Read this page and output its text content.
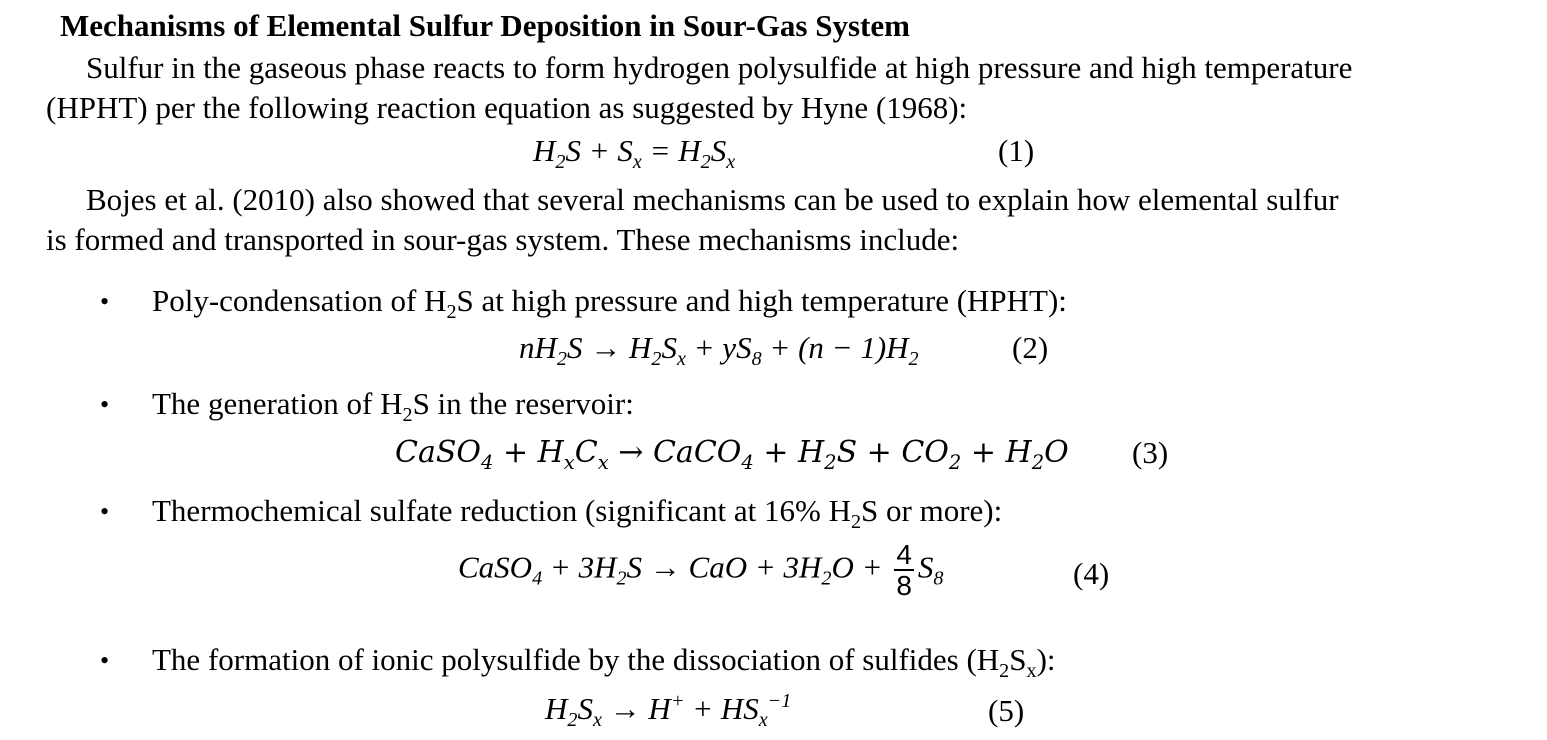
Mechanisms of Elemental Sulfur Deposition in Sour-Gas System
Sulfur in the gaseous phase reacts to form hydrogen polysulfide at high pressure and high temperature
(HPHT) per the following reaction equation as suggested by Hyne (1968):
$H_2S + S_x = H_2S_x$	(1)
Bojes et al. (2010) also showed that several mechanisms can be used to explain how elemental sulfur
is formed and transported in sour-gas system. These mechanisms include:
• Poly-condensation of $H_2S$ at high pressure and high temperature (HPHT):
$nH_2S \to H_2S_x + yS_8 + (n - 1)H_2$	(2)
• The generation of $H_2S$ in the reservoir:
CaSO$_4$ + $H_xC_x$ → CaCO$_4$ + $H_2S + CO_2 + H_2O$ (3)
• Thermochemical sulfate reduction (significant at 16% $H_2S$ or more):
CaSO$_4$ + $3H_2S$ → CaO + $3H_2O + \frac{4}{8} S_8$	(4)
• The formation of ionic polysulfide by the dissociation of sulfides $(H_2S_x)$:
$H_2S_x \to H^+ + HS_x^{-1}$	(5)
